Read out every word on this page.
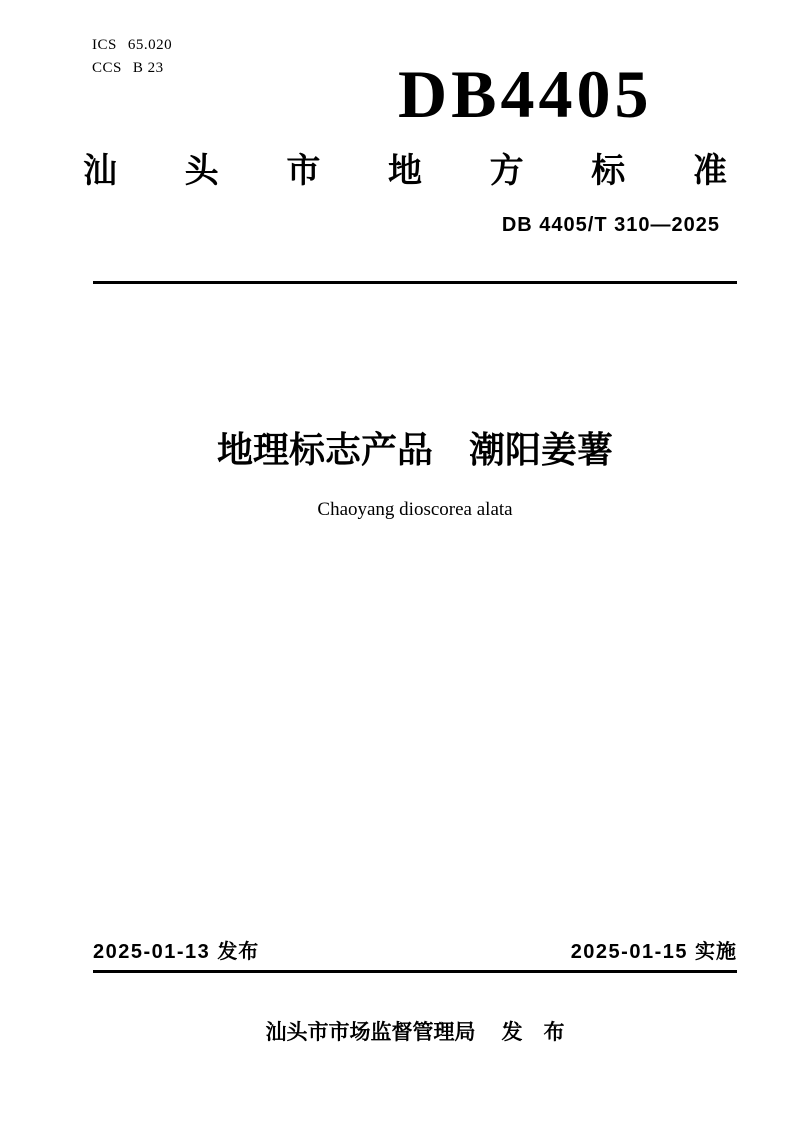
ICS 65.020
CCS B 23	DB4405
汕 头 市 地 方 标 准
DB 4405/T 310—2025
地理标志产品　潮阳姜薯
Chaoyang dioscorea alata
2025-01-13 发布	2025-01-15 实施
汕头市市场监督管理局 发　布
